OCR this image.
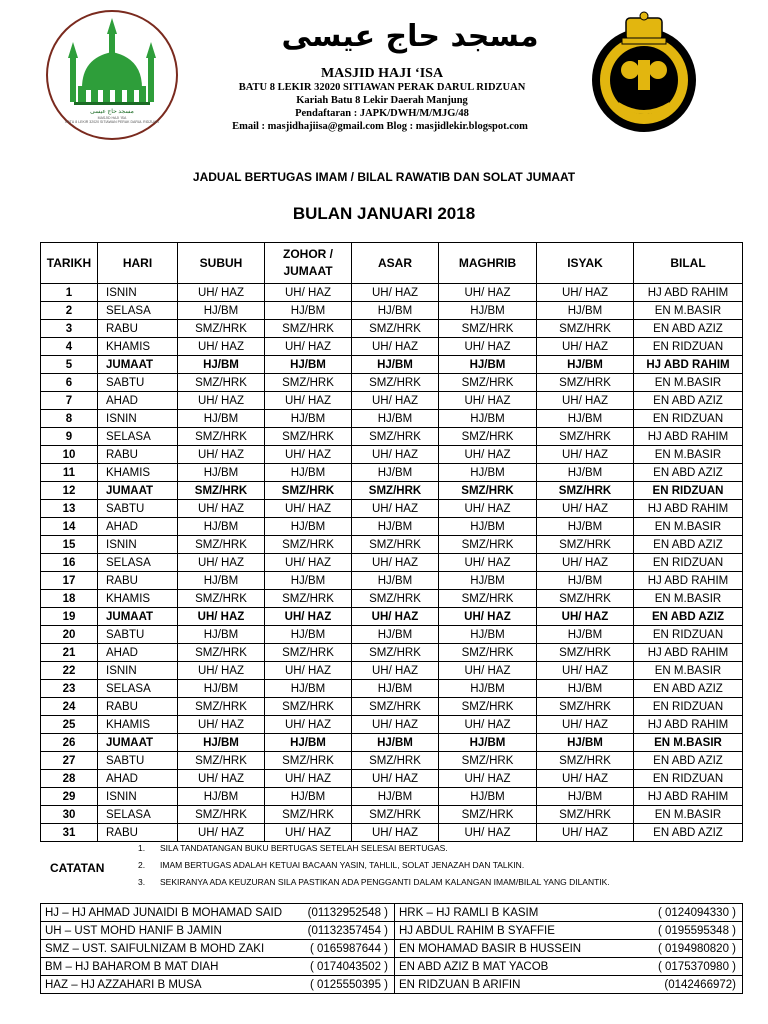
مسجد حاج عيسى
MASJID HAJI 'ISA
BATU 8 LEKIR 32020 SITIAWAN PERAK DARUL RIDZUAN
مسجد حاج عيسى
MASJID HAJI ‘ISA
BATU 8 LEKIR 32020 SITIAWAN PERAK DARUL RIDZUAN
Kariah Batu 8 Lekir Daerah Manjung
Pendaftaran : JAPK/DWH/M/MJG/48
Email : masjidhajiisa@gmail.com Blog : masjidlekir.blogspot.com
JADUAL BERTUGAS IMAM / BILAL RAWATIB DAN SOLAT JUMAAT
BULAN JANUARI 2018
TARIKH	HARI	SUBUH	ZOHOR / JUMAAT	ASAR	MAGHRIB	ISYAK	BILAL
1	ISNIN	UH/ HAZ	UH/ HAZ	UH/ HAZ	UH/ HAZ	UH/ HAZ	HJ ABD RAHIM
2	SELASA	HJ/BM	HJ/BM	HJ/BM	HJ/BM	HJ/BM	EN M.BASIR
3	RABU	SMZ/HRK	SMZ/HRK	SMZ/HRK	SMZ/HRK	SMZ/HRK	EN ABD AZIZ
4	KHAMIS	UH/ HAZ	UH/ HAZ	UH/ HAZ	UH/ HAZ	UH/ HAZ	EN RIDZUAN
5	JUMAAT	HJ/BM	HJ/BM	HJ/BM	HJ/BM	HJ/BM	HJ ABD RAHIM
6	SABTU	SMZ/HRK	SMZ/HRK	SMZ/HRK	SMZ/HRK	SMZ/HRK	EN M.BASIR
7	AHAD	UH/ HAZ	UH/ HAZ	UH/ HAZ	UH/ HAZ	UH/ HAZ	EN ABD AZIZ
8	ISNIN	HJ/BM	HJ/BM	HJ/BM	HJ/BM	HJ/BM	EN RIDZUAN
9	SELASA	SMZ/HRK	SMZ/HRK	SMZ/HRK	SMZ/HRK	SMZ/HRK	HJ ABD RAHIM
10	RABU	UH/ HAZ	UH/ HAZ	UH/ HAZ	UH/ HAZ	UH/ HAZ	EN M.BASIR
11	KHAMIS	HJ/BM	HJ/BM	HJ/BM	HJ/BM	HJ/BM	EN ABD AZIZ
12	JUMAAT	SMZ/HRK	SMZ/HRK	SMZ/HRK	SMZ/HRK	SMZ/HRK	EN RIDZUAN
13	SABTU	UH/ HAZ	UH/ HAZ	UH/ HAZ	UH/ HAZ	UH/ HAZ	HJ ABD RAHIM
14	AHAD	HJ/BM	HJ/BM	HJ/BM	HJ/BM	HJ/BM	EN M.BASIR
15	ISNIN	SMZ/HRK	SMZ/HRK	SMZ/HRK	SMZ/HRK	SMZ/HRK	EN ABD AZIZ
16	SELASA	UH/ HAZ	UH/ HAZ	UH/ HAZ	UH/ HAZ	UH/ HAZ	EN RIDZUAN
17	RABU	HJ/BM	HJ/BM	HJ/BM	HJ/BM	HJ/BM	HJ ABD RAHIM
18	KHAMIS	SMZ/HRK	SMZ/HRK	SMZ/HRK	SMZ/HRK	SMZ/HRK	EN M.BASIR
19	JUMAAT	UH/ HAZ	UH/ HAZ	UH/ HAZ	UH/ HAZ	UH/ HAZ	EN ABD AZIZ
20	SABTU	HJ/BM	HJ/BM	HJ/BM	HJ/BM	HJ/BM	EN RIDZUAN
21	AHAD	SMZ/HRK	SMZ/HRK	SMZ/HRK	SMZ/HRK	SMZ/HRK	HJ ABD RAHIM
22	ISNIN	UH/ HAZ	UH/ HAZ	UH/ HAZ	UH/ HAZ	UH/ HAZ	EN M.BASIR
23	SELASA	HJ/BM	HJ/BM	HJ/BM	HJ/BM	HJ/BM	EN ABD AZIZ
24	RABU	SMZ/HRK	SMZ/HRK	SMZ/HRK	SMZ/HRK	SMZ/HRK	EN RIDZUAN
25	KHAMIS	UH/ HAZ	UH/ HAZ	UH/ HAZ	UH/ HAZ	UH/ HAZ	HJ ABD RAHIM
26	JUMAAT	HJ/BM	HJ/BM	HJ/BM	HJ/BM	HJ/BM	EN M.BASIR
27	SABTU	SMZ/HRK	SMZ/HRK	SMZ/HRK	SMZ/HRK	SMZ/HRK	EN ABD AZIZ
28	AHAD	UH/ HAZ	UH/ HAZ	UH/ HAZ	UH/ HAZ	UH/ HAZ	EN RIDZUAN
29	ISNIN	HJ/BM	HJ/BM	HJ/BM	HJ/BM	HJ/BM	HJ ABD RAHIM
30	SELASA	SMZ/HRK	SMZ/HRK	SMZ/HRK	SMZ/HRK	SMZ/HRK	EN M.BASIR
31	RABU	UH/ HAZ	UH/ HAZ	UH/ HAZ	UH/ HAZ	UH/ HAZ	EN ABD AZIZ
CATATAN
1. SILA TANDATANGAN BUKU BERTUGAS SETELAH SELESAI BERTUGAS.
2. IMAM BERTUGAS ADALAH KETUAI BACAAN YASIN, TAHLIL, SOLAT JENAZAH DAN TALKIN.
3. SEKIRANYA ADA KEUZURAN SILA PASTIKAN ADA PENGGANTI DALAM KALANGAN IMAM/BILAL YANG DILANTIK.
HJ – HJ AHMAD JUNAIDI B MOHAMAD SAID	(01132952548 )	HRK – HJ RAMLI B KASIM	( 0124094330 )
UH – UST MOHD HANIF B JAMIN	(01132357454 )	HJ ABDUL RAHIM B SYAFFIE	( 0195595348 )
SMZ – UST. SAIFULNIZAM B MOHD ZAKI	( 0165987644 )	EN MOHAMAD BASIR B HUSSEIN	( 0194980820 )
BM – HJ BAHAROM B MAT DIAH	( 0174043502 )	EN ABD AZIZ B MAT YACOB	( 0175370980 )
HAZ – HJ AZZAHARI B MUSA	( 0125550395 )	EN RIDZUAN B ARIFIN	(0142466972)
